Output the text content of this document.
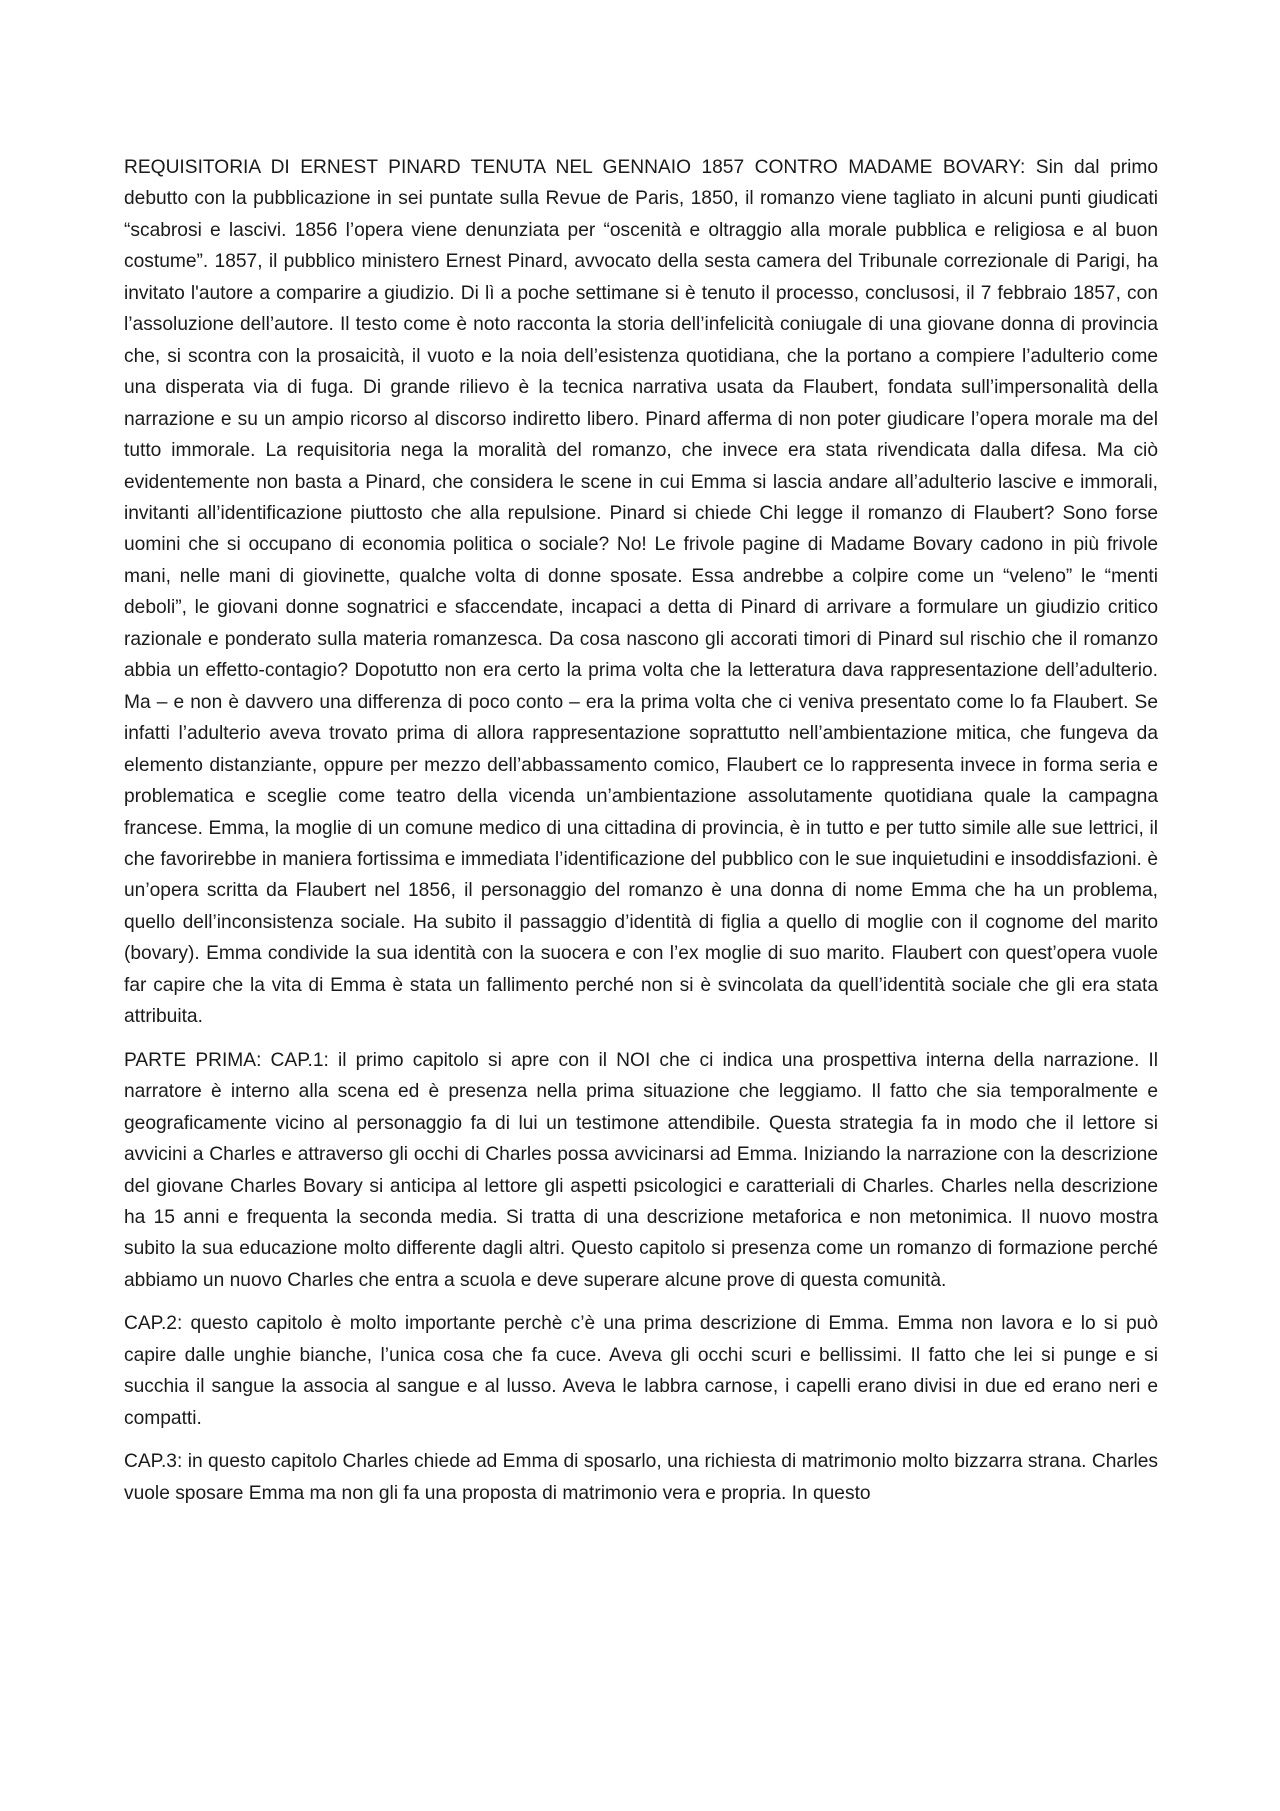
REQUISITORIA DI ERNEST PINARD TENUTA NEL GENNAIO 1857 CONTRO MADAME BOVARY: Sin dal primo debutto con la pubblicazione in sei puntate sulla Revue de Paris, 1850, il romanzo viene tagliato in alcuni punti giudicati “scabrosi e lascivi. 1856 l’opera viene denunziata per “oscenità e oltraggio alla morale pubblica e religiosa e al buon costume”. 1857, il pubblico ministero Ernest Pinard, avvocato della sesta camera del Tribunale correzionale di Parigi, ha invitato l'autore a comparire a giudizio. Di lì a poche settimane si è tenuto il processo, conclusosi, il 7 febbraio 1857, con l’assoluzione dell’autore. Il testo come è noto racconta la storia dell’infelicità coniugale di una giovane donna di provincia che, si scontra con la prosaicità, il vuoto e la noia dell’esistenza quotidiana, che la portano a compiere l’adulterio come una disperata via di fuga. Di grande rilievo è la tecnica narrativa usata da Flaubert, fondata sull’impersonalità della narrazione e su un ampio ricorso al discorso indiretto libero. Pinard afferma di non poter giudicare l’opera morale ma del tutto immorale. La requisitoria nega la moralità del romanzo, che invece era stata rivendicata dalla difesa. Ma ciò evidentemente non basta a Pinard, che considera le scene in cui Emma si lascia andare all’adulterio lascive e immorali, invitanti all’identificazione piuttosto che alla repulsione. Pinard si chiede Chi legge il romanzo di Flaubert? Sono forse uomini che si occupano di economia politica o sociale? No! Le frivole pagine di Madame Bovary cadono in più frivole mani, nelle mani di giovinette, qualche volta di donne sposate. Essa andrebbe a colpire come un “veleno” le “menti deboli”, le giovani donne sognatrici e sfaccendate, incapaci a detta di Pinard di arrivare a formulare un giudizio critico razionale e ponderato sulla materia romanzesca. Da cosa nascono gli accorati timori di Pinard sul rischio che il romanzo abbia un effetto-contagio? Dopotutto non era certo la prima volta che la letteratura dava rappresentazione dell’adulterio. Ma – e non è davvero una differenza di poco conto – era la prima volta che ci veniva presentato come lo fa Flaubert. Se infatti l’adulterio aveva trovato prima di allora rappresentazione soprattutto nell’ambientazione mitica, che fungeva da elemento distanziante, oppure per mezzo dell’abbassamento comico, Flaubert ce lo rappresenta invece in forma seria e problematica e sceglie come teatro della vicenda un’ambientazione assolutamente quotidiana quale la campagna francese. Emma, la moglie di un comune medico di una cittadina di provincia, è in tutto e per tutto simile alle sue lettrici, il che favorirebbe in maniera fortissima e immediata l’identificazione del pubblico con le sue inquietudini e insoddisfazioni. è un’opera scritta da Flaubert nel 1856, il personaggio del romanzo è una donna di nome Emma che ha un problema, quello dell’inconsistenza sociale. Ha subito il passaggio d’identità di figlia a quello di moglie con il cognome del marito (bovary). Emma condivide la sua identità con la suocera e con l’ex moglie di suo marito. Flaubert con quest’opera vuole far capire che la vita di Emma è stata un fallimento perché non si è svincolata da quell’identità sociale che gli era stata attribuita.

PARTE PRIMA: CAP.1: il primo capitolo si apre con il NOI che ci indica una prospettiva interna della narrazione. Il narratore è interno alla scena ed è presenza nella prima situazione che leggiamo. Il fatto che sia temporalmente e geograficamente vicino al personaggio fa di lui un testimone attendibile. Questa strategia fa in modo che il lettore si avvicini a Charles e attraverso gli occhi di Charles possa avvicinarsi ad Emma. Iniziando la narrazione con la descrizione del giovane Charles Bovary si anticipa al lettore gli aspetti psicologici e caratteriali di Charles. Charles nella descrizione ha 15 anni e frequenta la seconda media. Si tratta di una descrizione metaforica e non metonimica. Il nuovo mostra subito la sua educazione molto differente dagli altri. Questo capitolo si presenza come un romanzo di formazione perché abbiamo un nuovo Charles che entra a scuola e deve superare alcune prove di questa comunità.

CAP.2: questo capitolo è molto importante perchè c’è una prima descrizione di Emma. Emma non lavora e lo si può capire dalle unghie bianche, l’unica cosa che fa cuce. Aveva gli occhi scuri e bellissimi. Il fatto che lei si punge e si succhia il sangue la associa al sangue e al lusso. Aveva le labbra carnose, i capelli erano divisi in due ed erano neri e compatti.

CAP.3: in questo capitolo Charles chiede ad Emma di sposarlo, una richiesta di matrimonio molto bizzarra strana. Charles vuole sposare Emma ma non gli fa una proposta di matrimonio vera e propria. In questo
